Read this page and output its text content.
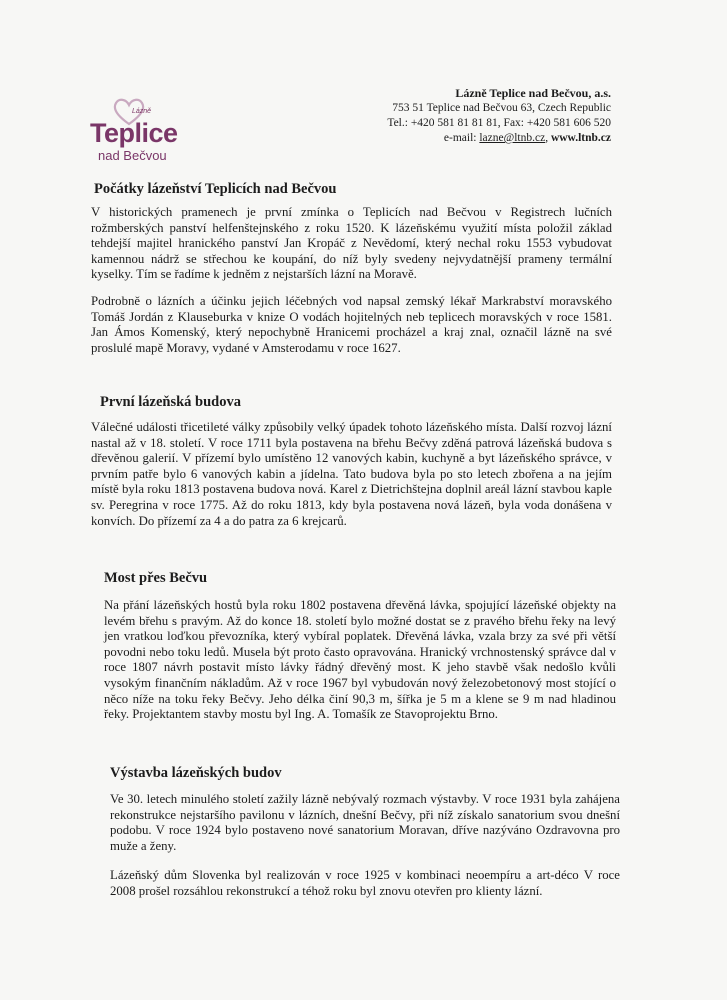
Lázně
Teplice
nad Bečvou
Lázně Teplice nad Bečvou, a.s.
753 51 Teplice nad Bečvou 63, Czech Republic
Tel.: +420 581 81 81 81, Fax: +420 581 606 520
e-mail: lazne@ltnb.cz, www.ltnb.cz
Počátky lázeňství Teplicích nad Bečvou

V historických pramenech je první zmínka o Teplicích nad Bečvou v Registrech lučních rožmberských panství helfenštejnského z roku 1520. K lázeňskému využití místa položil základ tehdejší majitel hranického panství Jan Kropáč z Nevědomí, který nechal roku 1553 vybudovat kamennou nádrž se střechou ke koupání, do níž byly svedeny nejvydatnější prameny termální kyselky. Tím se řadíme k jedněm z nejstarších lázní na Moravě.

Podrobně o lázních a účinku jejich léčebných vod napsal zemský lékař Markrabství moravského Tomáš Jordán z Klauseburka v knize O vodách hojitelných neb teplicech moravských v roce 1581. Jan Ámos Komenský, který nepochybně Hranicemi procházel a kraj znal, označil lázně na své proslulé mapě Moravy, vydané v Amsterodamu v roce 1627.

První lázeňská budova

Válečné události třicetileté války způsobily velký úpadek tohoto lázeňského místa. Další rozvoj lázní nastal až v 18. století. V roce 1711 byla postavena na břehu Bečvy zděná patrová lázeňská budova s dřevěnou galerií. V přízemí bylo umístěno 12 vanových kabin, kuchyně a byt lázeňského správce, v prvním patře bylo 6 vanových kabin a jídelna. Tato budova byla po sto letech zbořena a na jejím místě byla roku 1813 postavena budova nová. Karel z Dietrichštejna doplnil areál lázní stavbou kaple sv. Peregrina v roce 1775. Až do roku 1813, kdy byla postavena nová lázeň, byla voda donášena v konvích. Do přízemí za 4 a do patra za 6 krejcarů.

Most přes Bečvu

Na přání lázeňských hostů byla roku 1802 postavena dřevěná lávka, spojující lázeňské objekty na levém břehu s pravým. Až do konce 18. století bylo možné dostat se z pravého břehu řeky na levý jen vratkou loďkou převozníka, který vybíral poplatek. Dřevěná lávka, vzala brzy za své při větší povodni nebo toku ledů. Musela být proto často opravována. Hranický vrchnostenský správce dal v roce 1807 návrh postavit místo lávky řádný dřevěný most. K jeho stavbě však nedošlo kvůli vysokým finančním nákladům. Až v roce 1967 byl vybudován nový železobetonový most stojící o něco níže na toku řeky Bečvy. Jeho délka činí 90,3 m, šířka je 5 m a klene se 9 m nad hladinou řeky. Projektantem stavby mostu byl Ing. A. Tomašík ze Stavoprojektu Brno.

Výstavba lázeňských budov

Ve 30. letech minulého století zažily lázně nebývalý rozmach výstavby. V roce 1931 byla zahájena rekonstrukce nejstaršího pavilonu v lázních, dnešní Bečvy, při níž získalo sanatorium svou dnešní podobu. V roce 1924 bylo postaveno nové sanatorium Moravan, dříve nazýváno Ozdravovna pro muže a ženy.

Lázeňský dům Slovenka byl realizován v roce 1925 v kombinaci neoempíru a art-déco V roce 2008 prošel rozsáhlou rekonstrukcí a téhož roku byl znovu otevřen pro klienty lázní.
